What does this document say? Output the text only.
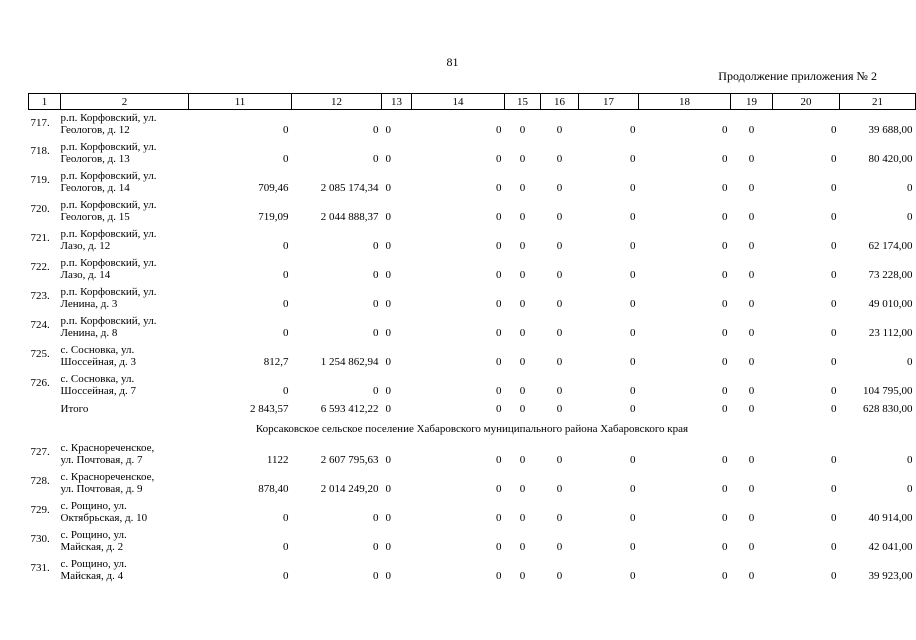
81
Продолжение приложения № 2
1	2	11	12	13	14	15	16	17	18	19	20	21
717.	р.п. Корфовский, ул.
Геологов, д. 12	0	0	0	0	0	0	0	0	0	0	39 688,00
718.	р.п. Корфовский, ул.
Геологов, д. 13	0	0	0	0	0	0	0	0	0	0	80 420,00
719.	р.п. Корфовский, ул.
Геологов, д. 14	709,46	2 085 174,34	0	0	0	0	0	0	0	0	0
720.	р.п. Корфовский, ул.
Геологов, д. 15	719,09	2 044 888,37	0	0	0	0	0	0	0	0	0
721.	р.п. Корфовский, ул.
Лазо, д. 12	0	0	0	0	0	0	0	0	0	0	62 174,00
722.	р.п. Корфовский, ул.
Лазо, д. 14	0	0	0	0	0	0	0	0	0	0	73 228,00
723.	р.п. Корфовский, ул.
Ленина, д. 3	0	0	0	0	0	0	0	0	0	0	49 010,00
724.	р.п. Корфовский, ул.
Ленина, д. 8	0	0	0	0	0	0	0	0	0	0	23 112,00
725.	с. Сосновка, ул.
Шоссейная, д. 3	812,7	1 254 862,94	0	0	0	0	0	0	0	0	0
726.	с. Сосновка, ул.
Шоссейная, д. 7	0	0	0	0	0	0	0	0	0	0	104 795,00
	Итого	2 843,57	6 593 412,22	0	0	0	0	0	0	0	0	628 830,00
Корсаковское сельское поселение Хабаровского муниципального района Хабаровского края												
727.	с. Краснореченское,
ул. Почтовая, д. 7	1122	2 607 795,63	0	0	0	0	0	0	0	0	0
728.	с. Краснореченское,
ул. Почтовая, д. 9	878,40	2 014 249,20	0	0	0	0	0	0	0	0	0
729.	с. Рощино, ул.
Октябрьская, д. 10	0	0	0	0	0	0	0	0	0	0	40 914,00
730.	с. Рощино, ул.
Майская, д. 2	0	0	0	0	0	0	0	0	0	0	42 041,00
731.	с. Рощино, ул.
Майская, д. 4	0	0	0	0	0	0	0	0	0	0	39 923,00
